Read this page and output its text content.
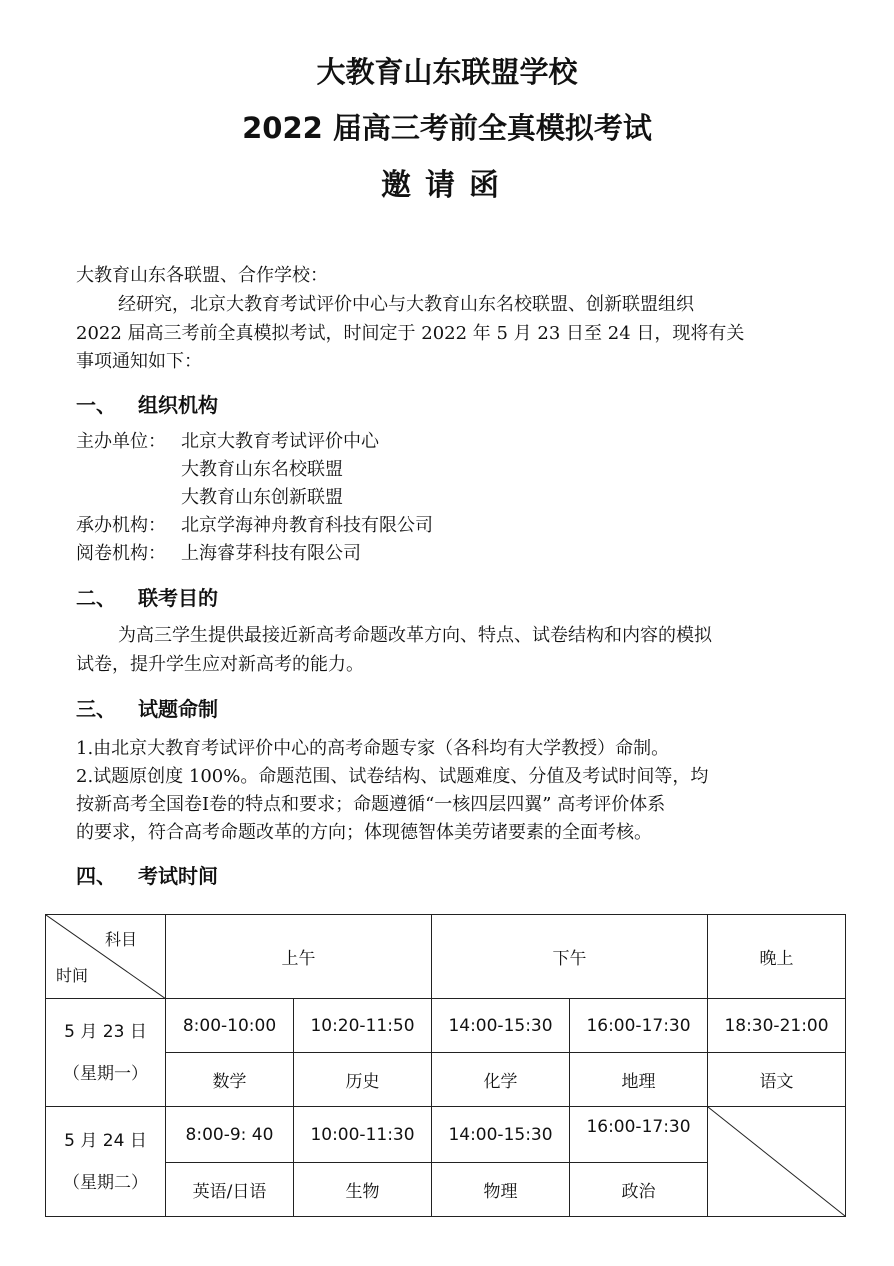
大教育山东联盟学校
2022 届高三考前全真模拟考试
邀请函
大教育山东各联盟、合作学校：
经研究，北京大教育考试评价中心与大教育山东名校联盟、创新联盟组织
2022 届高三考前全真模拟考试，时间定于 2022 年 5 月 23 日至 24 日，现将有关
事项通知如下：
一、 组织机构
主办单位： 北京大教育考试评价中心
大教育山东名校联盟
大教育山东创新联盟
承办机构： 北京学海神舟教育科技有限公司
阅卷机构： 上海睿芽科技有限公司
二、 联考目的
为高三学生提供最接近新高考命题改革方向、特点、试卷结构和内容的模拟
试卷，提升学生应对新高考的能力。
三、 试题命制
1.由北京大教育考试评价中心的高考命题专家（各科均有大学教授）命制。
2.试题原创度 100%。命题范围、试卷结构、试题难度、分值及考试时间等，均
按新高考全国卷Ⅰ卷的特点和要求；命题遵循“一核四层四翼” 高考评价体系
的要求，符合高考命题改革的方向；体现德智体美劳诸要素的全面考核。
四、 考试时间
科目
时间	上午		下午		晚上

5 月 23 日
（星期一）	8:00-10:00	10:20-11:50	14:00-15:30	16:00-17:30	18:30-21:00
	数学	历史	化学	地理	语文

5 月 24 日
（星期二）	8:00-9: 40	10:00-11:30	14:00-15:30	16:00-17:30	

	英语/日语	生物	物理	政治	
